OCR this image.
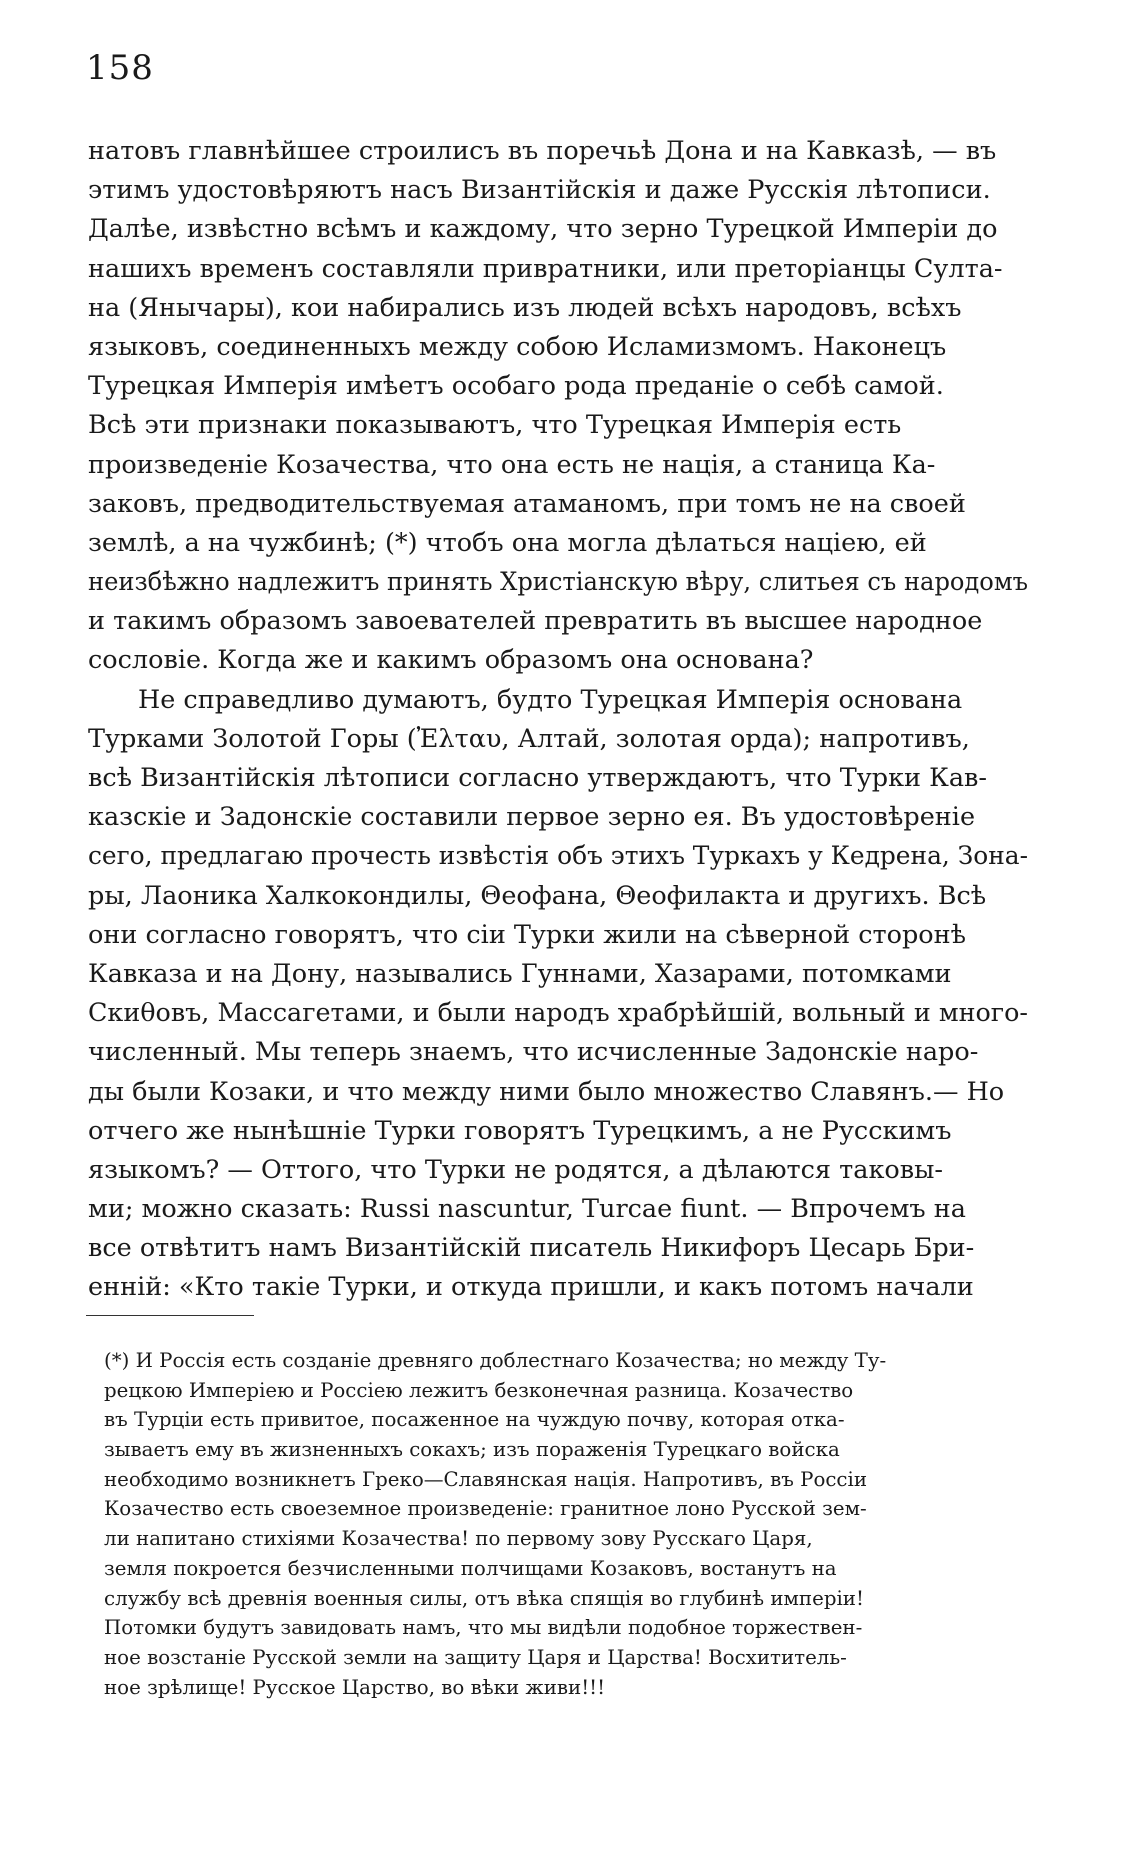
158
натовъ главнѣйшее строилисъ въ поречьѣ Дона и на Кавказѣ, — въ
этимъ удостовѣряютъ насъ Византійскія и даже Русскія лѣтописи.
Далѣе, извѣстно всѣмъ и каждому, что зерно Турецкой Имперіи до
нашихъ временъ составляли привратники, или преторіанцы Султа-
на (Янычары), кои набирались изъ людей всѣхъ народовъ, всѣхъ
языковъ, соединенныхъ между собою Исламизмомъ. Наконецъ
Турецкая Имперія имѣетъ особаго рода преданіе о себѣ самой.
Всѣ эти признаки показываютъ, что Турецкая Имперія есть
произведеніе Козачества, что она есть не нація, а станица Ка-
заковъ, предводительствуемая атаманомъ, при томъ не на своей
землѣ, а на чужбинѣ; (*) чтобъ она могла дѣлаться націею, ей
неизбѣжно надлежитъ принять Христіанскую вѣру, слитьея съ народомъ
и такимъ образомъ завоевателей превратить въ высшее народное
сословіе. Когда же и какимъ образомъ она основана?
Не справедливо думаютъ, будто Турецкая Имперія основана
Турками Золотой Горы (Ἐλταυ, Алтай, золотая орда); напротивъ,
всѣ Византійскія лѣтописи согласно утверждаютъ, что Турки Кав-
казскіе и Задонскіе составили первое зерно ея. Въ удостовѣреніе
сего, предлагаю прочесть извѣстія объ этихъ Туркахъ у Кедрена, Зона-
ры, Лаоника Халкокондилы, Θеофана, Θеофилакта и другихъ. Всѣ
они согласно говорятъ, что сіи Турки жили на сѣверной сторонѣ
Кавказа и на Дону, назывались Гуннами, Хазарами, потомками
Скиθовъ, Массагетами, и были народъ храбрѣйшій, вольный и много-
численный. Мы теперь знаемъ, что исчисленные Задонскіе наро-
ды были Козаки, и что между ними было множество Славянъ.— Но
отчего же нынѣшніе Турки говорятъ Турецкимъ, а не Русскимъ
языкомъ? — Оттого, что Турки не родятся, а дѣлаются таковы-
ми; можно сказать: Russi nascuntur, Turcae fiunt. — Впрочемъ на
все отвѣтитъ намъ Византійскій писатель Никифоръ Цесарь Бри-
енній: «Кто такіе Турки, и откуда пришли, и какъ потомъ начали
(*) И Россія есть созданіе древняго доблестнаго Козачества; но между Ту-
рецкою Имперіею и Россіею лежитъ безконечная разница. Козачество
въ Турціи есть привитое, посаженное на чуждую почву, которая отка-
зываетъ ему въ жизненныхъ сокахъ; изъ пораженія Турецкаго войска
необходимо возникнетъ Греко—Славянская нація. Напротивъ, въ Россіи
Козачество есть своеземное произведеніе: гранитное лоно Русской зем-
ли напитано стихіями Козачества! по первому зову Русскаго Царя,
земля покроется безчисленными полчищами Козаковъ, востанутъ на
службу всѣ древнія военныя силы, отъ вѣка спящія во глубинѣ имперіи!
Потомки будутъ завидовать намъ, что мы видѣли подобное торжествен-
ное возстаніе Русской земли на защиту Царя и Царства! Восхититель-
ное зрѣлище! Русское Царство, во вѣки живи!!!
